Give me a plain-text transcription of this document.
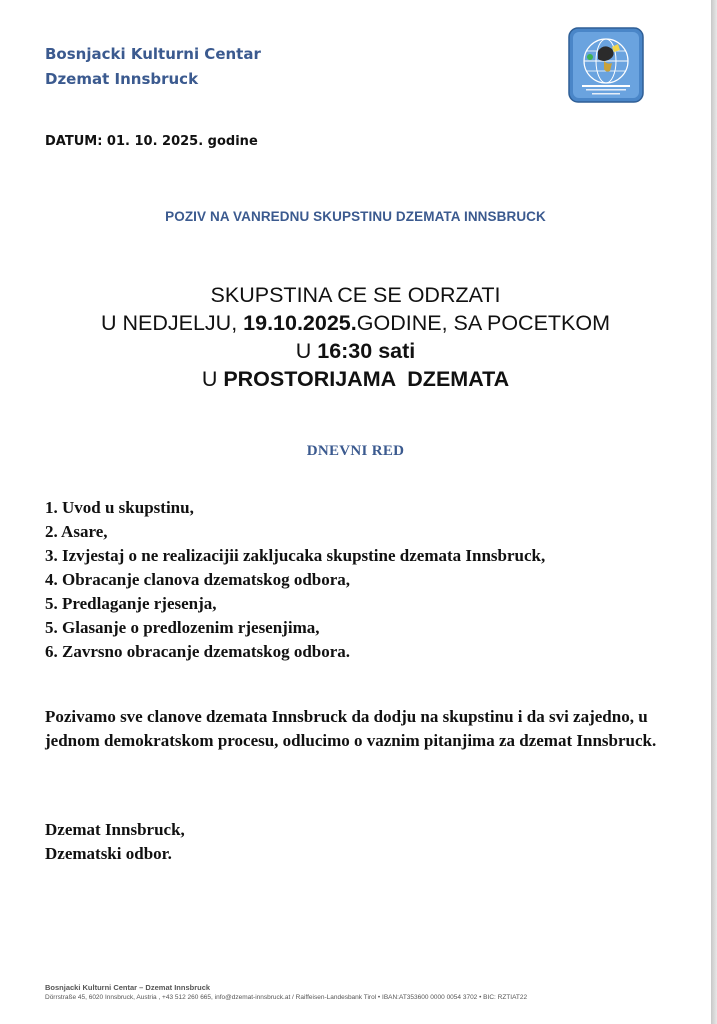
Bosnjacki Kulturni Centar
Dzemat Innsbruck
DATUM: 01. 10. 2025. godine
POZIV NA VANREDNU SKUPSTINU DZEMATA INNSBRUCK
SKUPSTINA CE SE ODRZATI
U NEDJELJU, 19.10.2025.GODINE, SA POCETKOM
U 16:30 sati
U PROSTORIJAMA  DZEMATA
DNEVNI RED
1. Uvod u skupstinu,
2. Asare,
3. Izvjestaj o ne realizacijii zakljucaka skupstine dzemata Innsbruck,
4. Obracanje clanova dzematskog odbora,
5. Predlaganje rjesenja,
5. Glasanje o predlozenim rjesenjima,
6. Zavrsno obracanje dzematskog odbora.
Pozivamo sve clanove dzemata Innsbruck da dodju na skupstinu i da svi zajedno, u jednom demokratskom procesu, odlucimo o vaznim pitanjima za dzemat Innsbruck.
Dzemat Innsbruck,
Dzematski odbor.
Bosnjacki Kulturni Centar – Dzemat Innsbruck
Dörrstraße 45, 6020 Innsbruck, Austria , +43 512 260 665, info@dzemat-innsbruck.at / Raiffeisen-Landesbank Tirol • IBAN:AT353600 0000 0054 3702 • BIC: RZTIAT22
